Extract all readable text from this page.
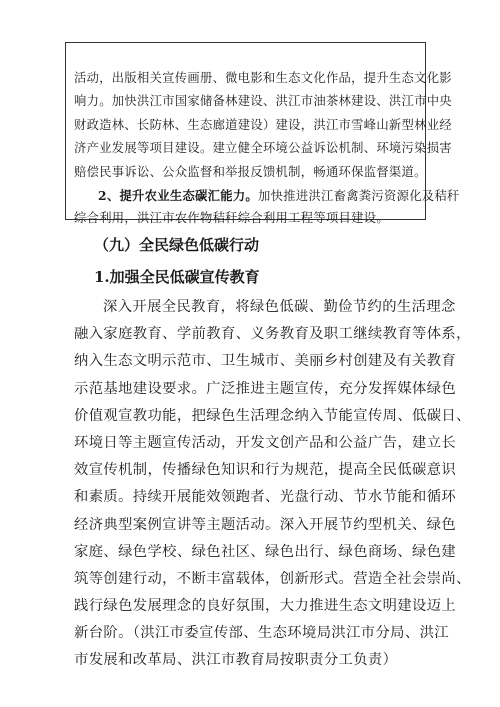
活动，出版相关宣传画册、微电影和生态文化作品，提升生态文化影
响力。加快洪江市国家储备林建设、洪江市油茶林建设、洪江市中央
财政造林、长防林、生态廊道建设）建设，洪江市雪峰山新型林业经
济产业发展等项目建设。建立健全环境公益诉讼机制、环境污染损害
赔偿民事诉讼、公众监督和举报反馈机制，畅通环保监督渠道。
2、提升农业生态碳汇能力。加快推进洪江畜禽粪污资源化及秸秆
综合利用，洪江市农作物秸秆综合利用工程等项目建设。
（九）全民绿色低碳行动
1.加强全民低碳宣传教育
深入开展全民教育，将绿色低碳、勤俭节约的生活理念
融入家庭教育、学前教育、义务教育及职工继续教育等体系，
纳入生态文明示范市、卫生城市、美丽乡村创建及有关教育
示范基地建设要求。广泛推进主题宣传，充分发挥媒体绿色
价值观宣教功能，把绿色生活理念纳入节能宣传周、低碳日、
环境日等主题宣传活动，开发文创产品和公益广告，建立长
效宣传机制，传播绿色知识和行为规范，提高全民低碳意识
和素质。持续开展能效领跑者、光盘行动、节水节能和循环
经济典型案例宣讲等主题活动。深入开展节约型机关、绿色
家庭、绿色学校、绿色社区、绿色出行、绿色商场、绿色建
筑等创建行动，不断丰富载体，创新形式。营造全社会崇尚、
践行绿色发展理念的良好氛围，大力推进生态文明建设迈上
新台阶。（洪江市委宣传部、生态环境局洪江市分局、洪江
市发展和改革局、洪江市教育局按职责分工负责）
